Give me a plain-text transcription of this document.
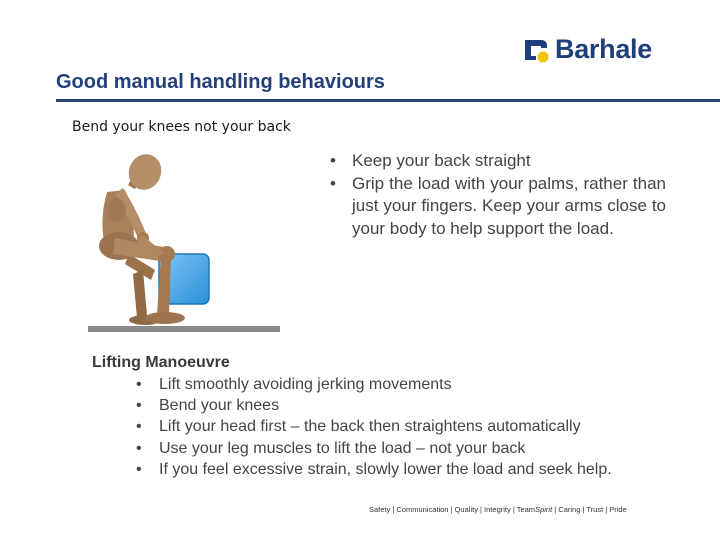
Barhale
Good manual handling behaviours
Bend your knees not your back
• Keep your back straight
• Grip the load with your palms, rather than just your fingers. Keep your arms close to your body to help support the load.
Lifting Manoeuvre
• Lift smoothly avoiding jerking movements
• Bend your knees
• Lift your head first – the back then straightens automatically
• Use your leg muscles to lift the load – not your back
• If you feel excessive strain, slowly lower the load and seek help.
Safety | Communication | Quality | Integrity | TeamSpirit | Caring | Trust | Pride
